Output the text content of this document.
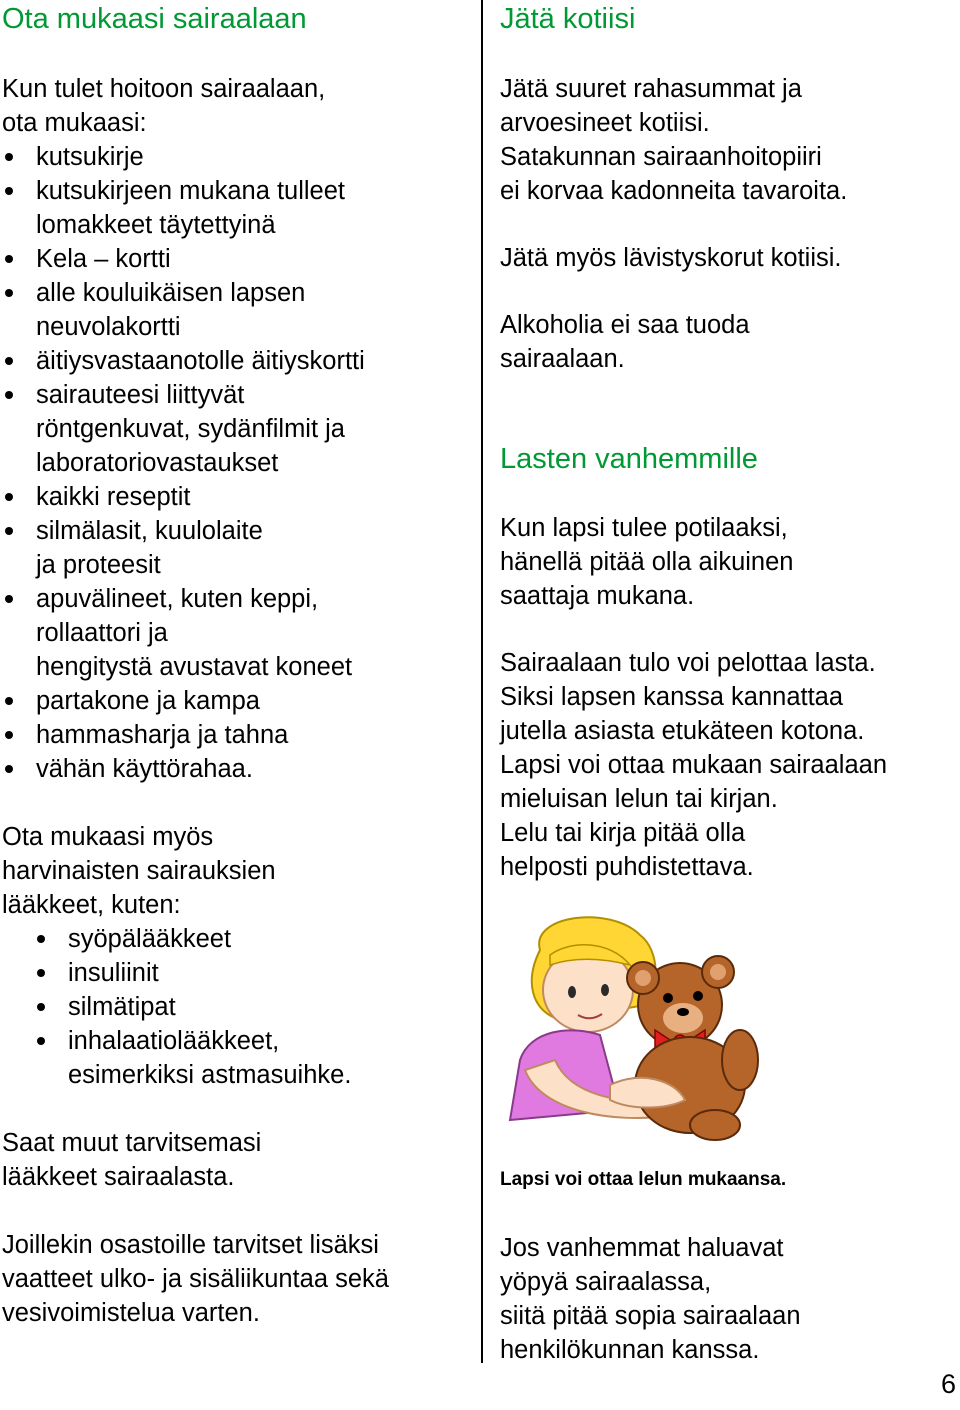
Ota mukaasi sairaalaan

Kun tulet hoitoon sairaalaan,
ota mukaasi:

kutsukirje
kutsukirjeen mukana tulleet
lomakkeet täytettyinä
Kela – kortti
alle kouluikäisen lapsen
neuvolakortti
äitiysvastaanotolle äitiyskortti
sairauteesi liittyvät
röntgenkuvat, sydänfilmit ja
laboratoriovastaukset
kaikki reseptit
silmälasit, kuulolaite
ja proteesit
apuvälineet, kuten keppi,
rollaattori ja
hengitystä avustavat koneet
partakone ja kampa
hammasharja ja tahna
vähän käyttörahaa.

Ota mukaasi myös
harvinaisten sairauksien
lääkkeet, kuten:

syöpälääkkeet
insuliinit
silmätipat
inhalaatiolääkkeet,
esimerkiksi astmasuihke.

Saat muut tarvitsemasi
lääkkeet sairaalasta.

Joillekin osastoille tarvitset lisäksi
vaatteet ulko- ja sisäliikuntaa sekä
vesivoimistelua varten.

Jätä kotiisi

Jätä suuret rahasummat ja
arvoesineet kotiisi.
Satakunnan sairaanhoitopiiri
ei korvaa kadonneita tavaroita.

Jätä myös lävistyskorut kotiisi.

Alkoholia ei saa tuoda
sairaalaan.

Lasten vanhemmille

Kun lapsi tulee potilaaksi,
hänellä pitää olla aikuinen
saattaja mukana.

Sairaalaan tulo voi pelottaa lasta.
Siksi lapsen kanssa kannattaa
jutella asiasta etukäteen kotona.
Lapsi voi ottaa mukaan sairaalaan
mieluisan lelun tai kirjan.
Lelu tai kirja pitää olla
helposti puhdistettava.

Lapsi voi ottaa lelun mukaansa.

Jos vanhemmat haluavat
yöpyä sairaalassa,
siitä pitää sopia sairaalaan
henkilökunnan kanssa.

6
